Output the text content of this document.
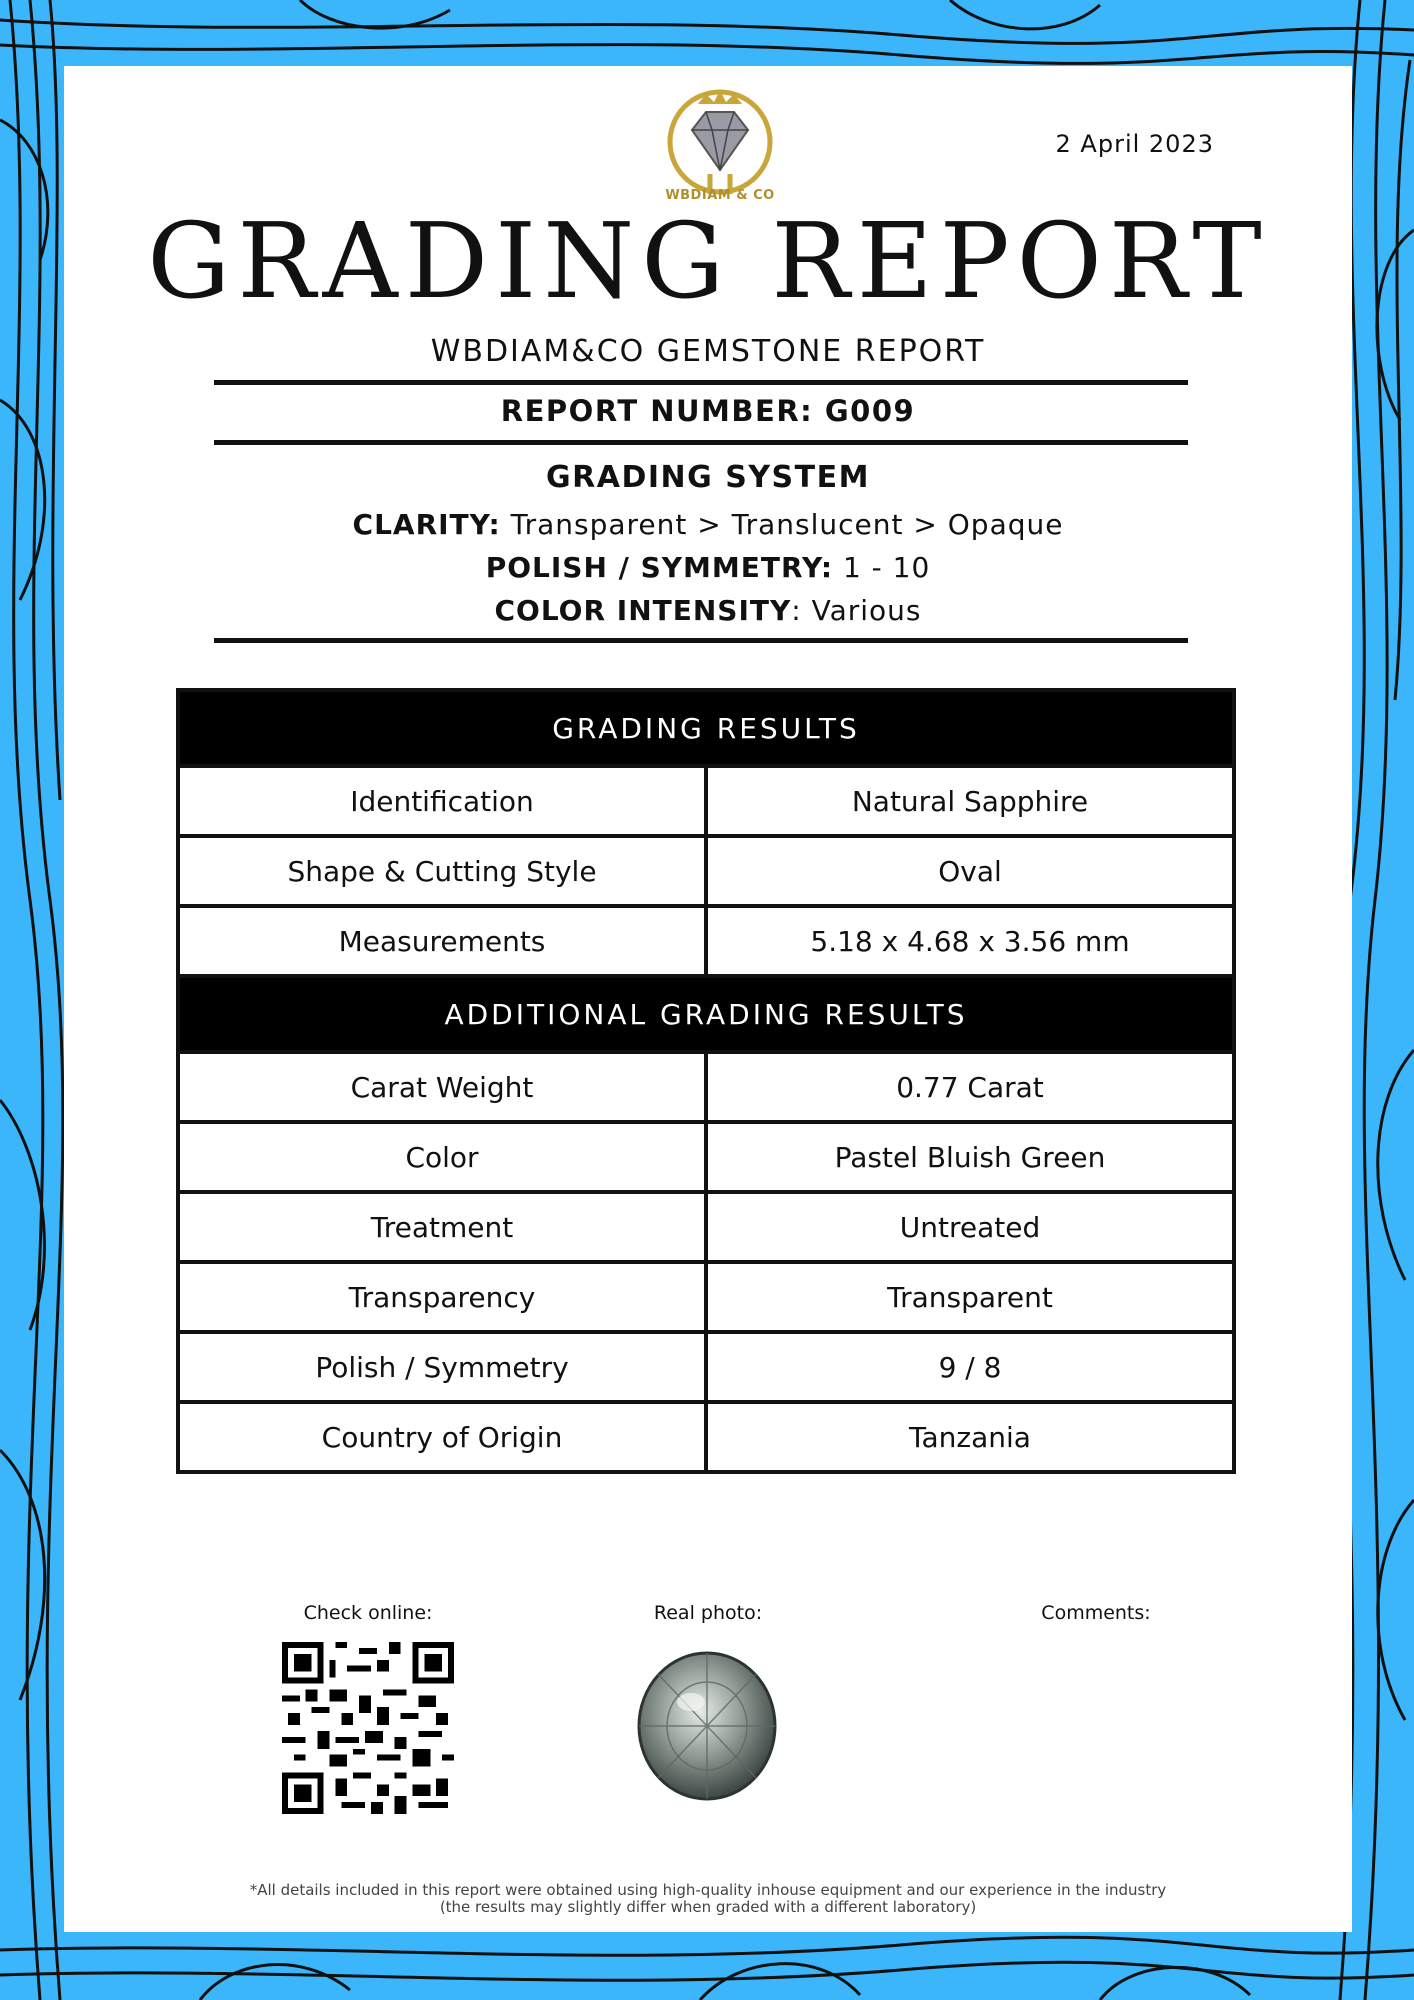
WBDIAM & CO
2 April 2023
GRADING REPORT
WBDIAM&CO GEMSTONE REPORT
REPORT NUMBER: G009
GRADING SYSTEM
CLARITY: Transparent > Translucent > Opaque
POLISH / SYMMETRY: 1 - 10
COLOR INTENSITY: Various
GRADING RESULTS	
Identification	Natural Sapphire
Shape & Cutting Style	Oval
Measurements	5.18 x 4.68 x 3.56 mm
ADDITIONAL GRADING RESULTS	
Carat Weight	0.77 Carat
Color	Pastel Bluish Green
Treatment	Untreated
Transparency	Transparent
Polish / Symmetry	9 / 8
Country of Origin	Tanzania
Check online:	Real photo:	Comments:
*All details included in this report were obtained using high-quality inhouse equipment and our experience in the industry
(the results may slightly differ when graded with a different laboratory)
